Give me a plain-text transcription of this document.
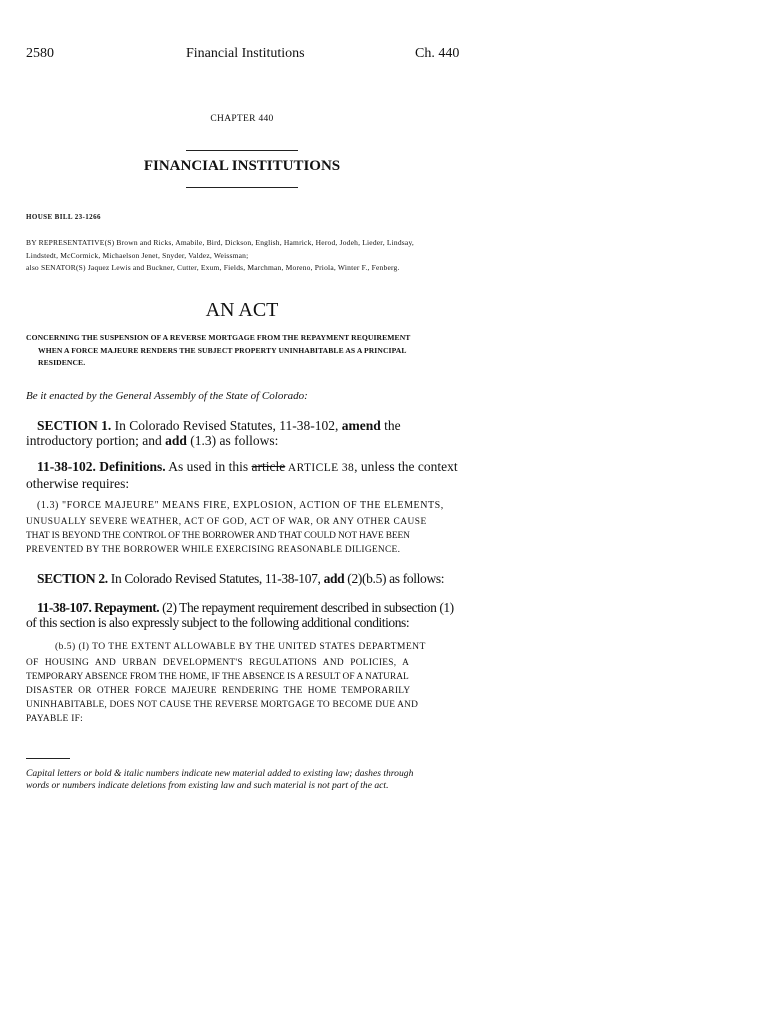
2580	Financial Institutions	Ch. 440
CHAPTER 440
FINANCIAL INSTITUTIONS
HOUSE BILL 23-1266
BY REPRESENTATIVE(S) Brown and Ricks, Amabile, Bird, Dickson, English, Hamrick, Herod, Jodeh, Lieder, Lindsay,
Lindstedt, McCormick, Michaelson Jenet, Snyder, Valdez, Weissman;
also SENATOR(S) Jaquez Lewis and Buckner, Cutter, Exum, Fields, Marchman, Moreno, Priola, Winter F., Fenberg.
AN ACT
CONCERNING THE SUSPENSION OF A REVERSE MORTGAGE FROM THE REPAYMENT REQUIREMENT
WHEN A FORCE MAJEURE RENDERS THE SUBJECT PROPERTY UNINHABITABLE AS A PRINCIPAL
RESIDENCE.
Be it enacted by the General Assembly of the State of Colorado:
SECTION 1. In Colorado Revised Statutes, 11-38-102, amend the introductory portion; and add (1.3) as follows:
11-38-102. Definitions. As used in this article ARTICLE 38, unless the context otherwise requires:
(1.3) "FORCE MAJEURE" MEANS FIRE, EXPLOSION, ACTION OF THE ELEMENTS,
UNUSUALLY SEVERE WEATHER, ACT OF GOD, ACT OF WAR, OR ANY OTHER CAUSE
THAT IS BEYOND THE CONTROL OF THE BORROWER AND THAT COULD NOT HAVE BEEN
PREVENTED BY THE BORROWER WHILE EXERCISING REASONABLE DILIGENCE.
SECTION 2. In Colorado Revised Statutes, 11-38-107, add (2)(b.5) as follows:
11-38-107. Repayment. (2) The repayment requirement described in subsection (1) of this section is also expressly subject to the following additional conditions:
(b.5) (I) TO THE EXTENT ALLOWABLE BY THE UNITED STATES DEPARTMENT
OF HOUSING AND URBAN DEVELOPMENT'S REGULATIONS AND POLICIES, A
TEMPORARY ABSENCE FROM THE HOME, IF THE ABSENCE IS A RESULT OF A NATURAL
DISASTER OR OTHER FORCE MAJEURE RENDERING THE HOME TEMPORARILY
UNINHABITABLE, DOES NOT CAUSE THE REVERSE MORTGAGE TO BECOME DUE AND
PAYABLE IF:
Capital letters or bold & italic numbers indicate new material added to existing law; dashes through
words or numbers indicate deletions from existing law and such material is not part of the act.
